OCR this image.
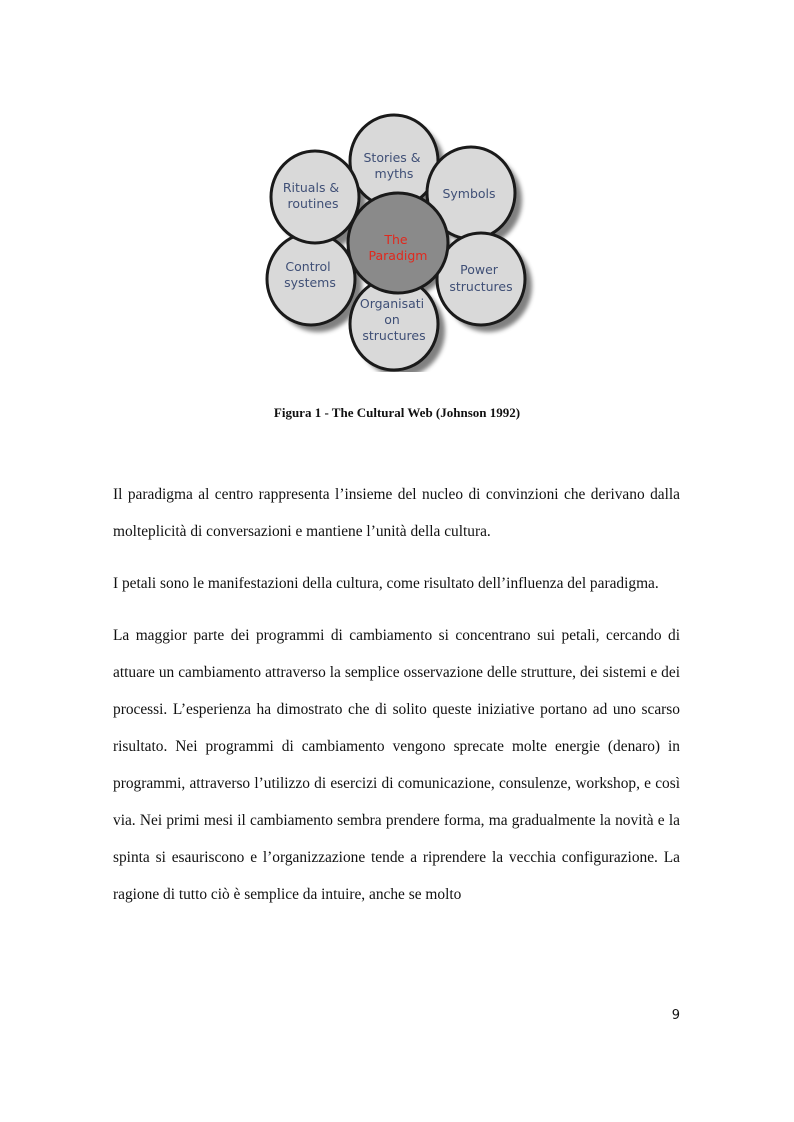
Stories & myths
Symbols
Power structures
Organisati on structures
Control systems
Rituals & routines
The Paradigm
Figura 1 - The Cultural Web (Johnson 1992)

Il paradigma al centro rappresenta l’insieme del nucleo di convinzioni che derivano dalla molteplicità di conversazioni e mantiene l’unità della cultura.

I petali sono le manifestazioni della cultura, come risultato dell’influenza del paradigma.

La maggior parte dei programmi di cambiamento si concentrano sui petali, cercando di attuare un cambiamento attraverso la semplice osservazione delle strutture, dei sistemi e dei processi. L’esperienza ha dimostrato che di solito queste iniziative portano ad uno scarso risultato. Nei programmi di cambiamento vengono sprecate molte energie (denaro) in programmi, attraverso l’utilizzo di esercizi di comunicazione, consulenze, workshop, e così via. Nei primi mesi il cambiamento sembra prendere forma, ma gradualmente la novità e la spinta si esauriscono e l’organizzazione tende a riprendere la vecchia configurazione. La ragione di tutto ciò è semplice da intuire, anche se molto

9
